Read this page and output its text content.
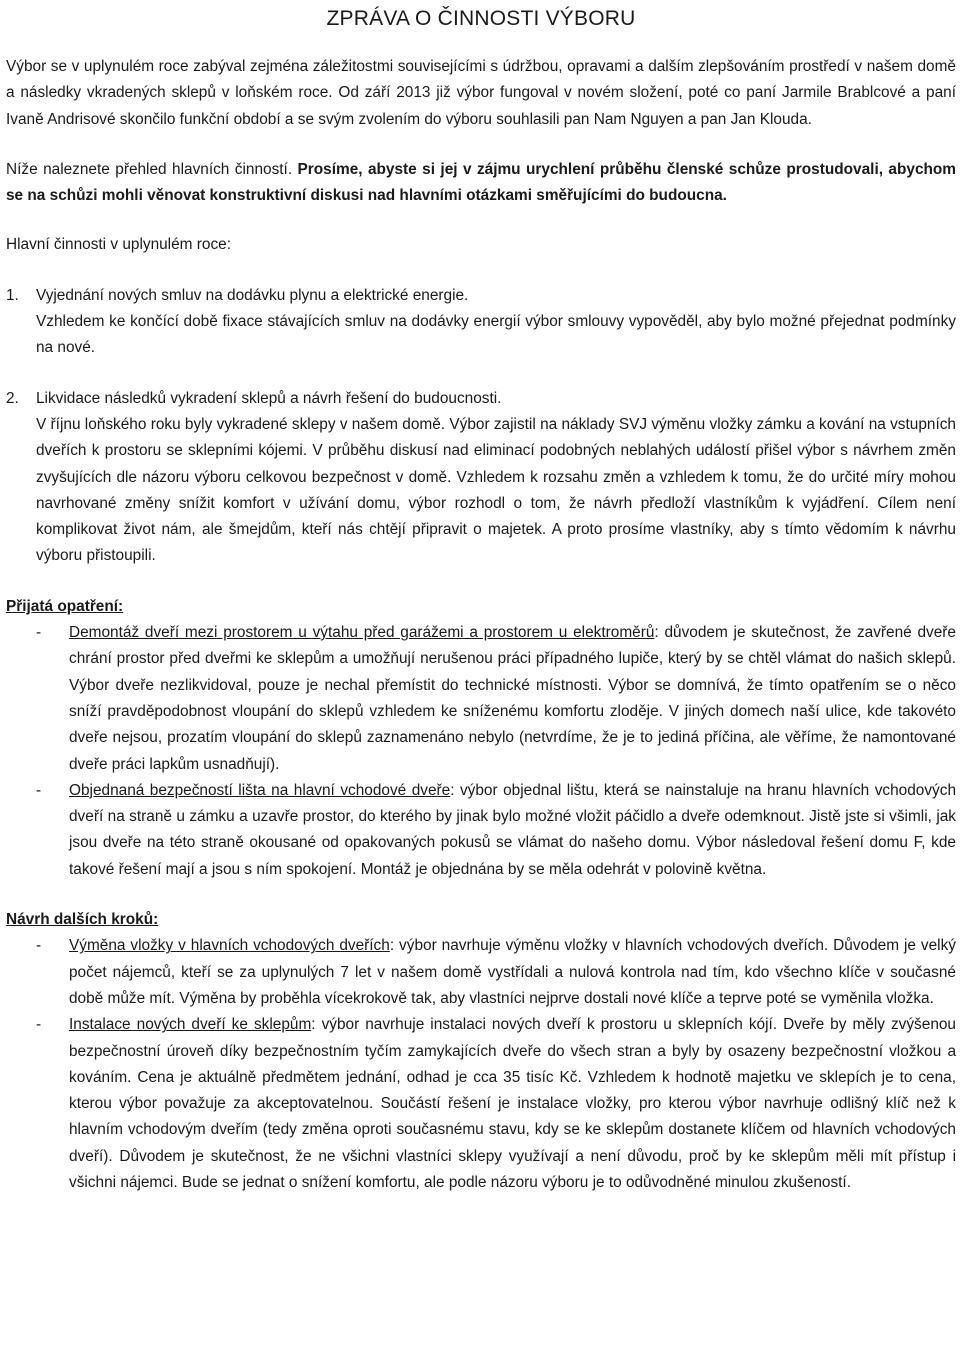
ZPRÁVA O ČINNOSTI VÝBORU

Výbor se v uplynulém roce zabýval zejména záležitostmi souvisejícími s údržbou, opravami a dalším zlepšováním prostředí v našem domě a následky vkradených sklepů v loňském roce. Od září 2013 již výbor fungoval v novém složení, poté co paní Jarmile Brablcové a paní Ivaně Andrisové skončilo funkční období a se svým zvolením do výboru souhlasili pan Nam Nguyen a pan Jan Klouda.

Níže naleznete přehled hlavních činností. Prosíme, abyste si jej v zájmu urychlení průběhu členské schůze prostudovali, abychom se na schůzi mohli věnovat konstruktivní diskusi nad hlavními otázkami směřujícími do budoucna.

Hlavní činnosti v uplynulém roce:
1. Vyjednání nových smluv na dodávku plynu a elektrické energie.

Vzhledem ke končící době fixace stávajících smluv na dodávky energií výbor smlouvy vypověděl, aby bylo možné přejednat podmínky na nové.

2. Likvidace následků vykradení sklepů a návrh řešení do budoucnosti.

V říjnu loňského roku byly vykradené sklepy v našem domě. Výbor zajistil na náklady SVJ výměnu vložky zámku a kování na vstupních dveřích k prostoru se sklepními kójemi. V průběhu diskusí nad eliminací podobných neblahých událostí přišel výbor s návrhem změn zvyšujících dle názoru výboru celkovou bezpečnost v domě. Vzhledem k rozsahu změn a vzhledem k tomu, že do určité míry mohou navrhované změny snížit komfort v užívání domu, výbor rozhodl o tom, že návrh předloží vlastníkům k vyjádření. Cílem není komplikovat život nám, ale šmejdům, kteří nás chtějí připravit o majetek. A proto prosíme vlastníky, aby s tímto vědomím k návrhu výboru přistoupili.

Přijatá opatření:
- Demontáž dveří mezi prostorem u výtahu před garážemi a prostorem u elektroměrů: důvodem je skutečnost, že zavřené dveře chrání prostor před dveřmi ke sklepům a umožňují nerušenou práci případného lupiče, který by se chtěl vlámat do našich sklepů. Výbor dveře nezlikvidoval, pouze je nechal přemístit do technické místnosti. Výbor se domnívá, že tímto opatřením se o něco sníží pravděpodobnost vloupání do sklepů vzhledem ke sníženému komfortu zloděje. V jiných domech naší ulice, kde takovéto dveře nejsou, prozatím vloupání do sklepů zaznamenáno nebylo (netvrdíme, že je to jediná příčina, ale věříme, že namontované dveře práci lapkům usnadňují).
- Objednaná bezpečností lišta na hlavní vchodové dveře: výbor objednal lištu, která se nainstaluje na hranu hlavních vchodových dveří na straně u zámku a uzavře prostor, do kterého by jinak bylo možné vložit páčidlo a dveře odemknout. Jistě jste si všimli, jak jsou dveře na této straně okousané od opakovaných pokusů se vlámat do našeho domu. Výbor následoval řešení domu F, kde takové řešení mají a jsou s ním spokojení. Montáž je objednána by se měla odehrát v polovině května.
Návrh dalších kroků:
- Výměna vložky v hlavních vchodových dveřích: výbor navrhuje výměnu vložky v hlavních vchodových dveřích. Důvodem je velký počet nájemců, kteří se za uplynulých 7 let v našem domě vystřídali a nulová kontrola nad tím, kdo všechno klíče v současné době může mít. Výměna by proběhla vícekrokově tak, aby vlastníci nejprve dostali nové klíče a teprve poté se vyměnila vložka.
- Instalace nových dveří ke sklepům: výbor navrhuje instalaci nových dveří k prostoru u sklepních kójí. Dveře by měly zvýšenou bezpečnostní úroveň díky bezpečnostním tyčím zamykajících dveře do všech stran a byly by osazeny bezpečnostní vložkou a kováním. Cena je aktuálně předmětem jednání, odhad je cca 35 tisíc Kč. Vzhledem k hodnotě majetku ve sklepích je to cena, kterou výbor považuje za akceptovatelnou. Součástí řešení je instalace vložky, pro kterou výbor navrhuje odlišný klíč než k hlavním vchodovým dveřím (tedy změna oproti současnému stavu, kdy se ke sklepům dostanete klíčem od hlavních vchodových dveří). Důvodem je skutečnost, že ne všichni vlastníci sklepy využívají a není důvodu, proč by ke sklepům měli mít přístup i všichni nájemci. Bude se jednat o snížení komfortu, ale podle názoru výboru je to odůvodněné minulou zkušeností.
